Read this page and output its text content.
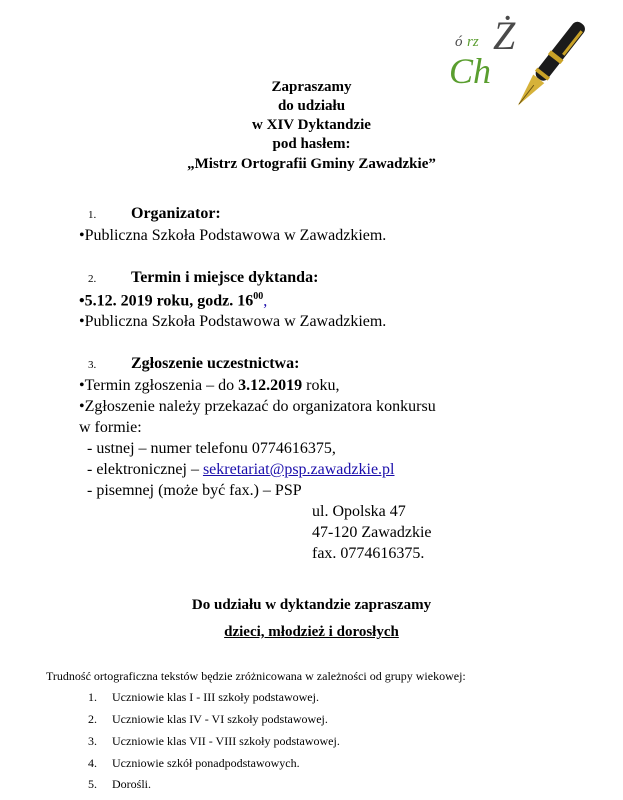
ó rz
Ch
Ż
Zapraszamy
do udziału
w XIV Dyktandzie
pod hasłem:
„Mistrz Ortografii Gminy Zawadzkie”
1. Organizator:
•Publiczna Szkoła Podstawowa w Zawadzkiem.
2. Termin i miejsce dyktanda:
•5.12. 2019 roku, godz. $16^{00}$,
•Publiczna Szkoła Podstawowa w Zawadzkiem.
3. Zgłoszenie uczestnictwa:
•Termin zgłoszenia – do 3.12.2019 roku,
•Zgłoszenie należy przekazać do organizatora konkursu
w formie:
- ustnej – numer telefonu 0774616375,
- elektronicznej – sekretariat@psp.zawadzkie.pl
- pisemnej (może być fax.) – PSP
ul. Opolska 47
47-120 Zawadzkie
fax. 0774616375.
Do udziału w dyktandzie zapraszamy
dzieci, młodzież i dorosłych
Trudność ortograficzna tekstów będzie zróżnicowana w zależności od grupy wiekowej:
1. Uczniowie klas I - III szkoły podstawowej.
2. Uczniowie klas IV - VI szkoły podstawowej.
3. Uczniowie klas VII - VIII szkoły podstawowej.
4. Uczniowie szkół ponadpodstawowych.
5. Dorośli.
